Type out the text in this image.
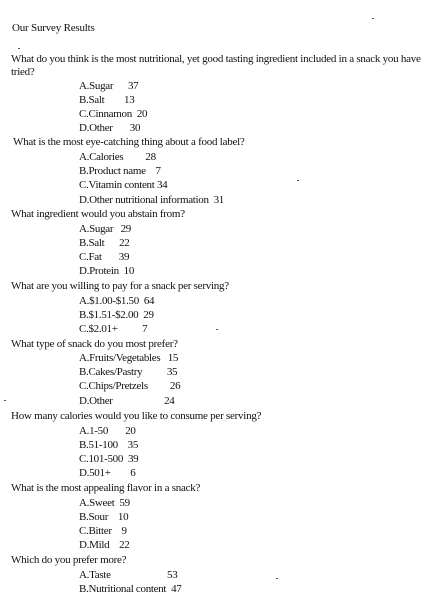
Our Survey Results
What do you think is the most nutritional, yet good tasting ingredient included in a snack you have tried?
A.Sugar      37
B.Salt        13
C.Cinnamon  20
D.Other       30
What is the most eye-catching thing about a food label?
A.Calories         28
B.Product name    7
C.Vitamin content 34
D.Other nutritional information  31
What ingredient would you abstain from?
A.Sugar   29
B.Salt      22
C.Fat       39
D.Protein  10
What are you willing to pay for a snack per serving?
A.$1.00-$1.50  64
B.$1.51-$2.00  29
C.$2.01+          7
What type of snack do you most prefer?
A.Fruits/Vegetables   15
B.Cakes/Pastry          35
C.Chips/Pretzels         26
D.Other                     24
How many calories would you like to consume per serving?
A.1-50       20
B.51-100    35
C.101-500  39
D.501+        6
What is the most appealing flavor in a snack?
A.Sweet  59
B.Sour    10
C.Bitter    9
D.Mild    22
Which do you prefer more?
A.Taste                       53
B.Nutritional content  47
